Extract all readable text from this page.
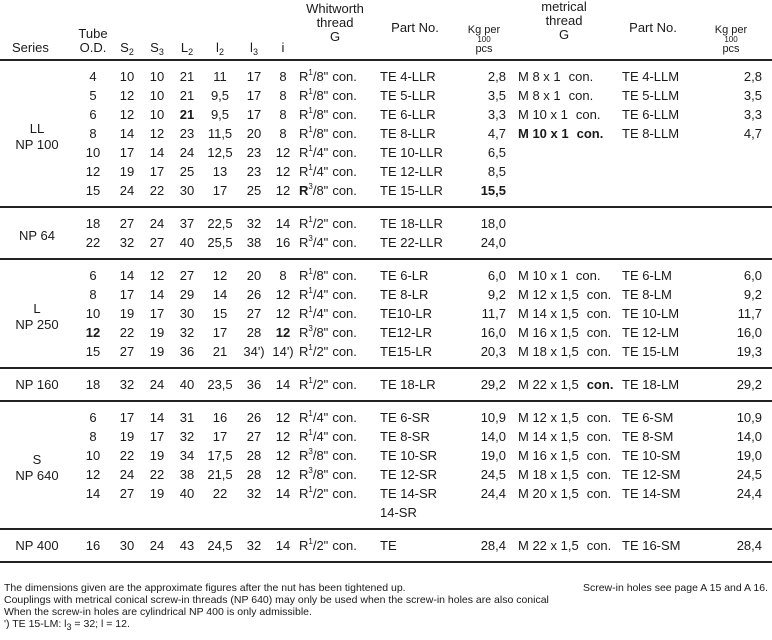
Series	Tube
O.D.	$S_2$	$S_3$	$L_2$	$l_2$	$l_3$	i	Whitworth
thread
G	Part No.	Kg per
100
pcs	metrical
thread
G	Part No.	Kg per
100
pcs

LL
NP 100	4	10	10	21	11	17	8	$R^1/8$" con.	TE 4-LLR	2,8	M 8 x 1 con.	TE 4-LLM	2,8
	5	12	10	21	9,5	17	8	$R^1/8$" con.	TE 5-LLR	3,5	M 8 x 1 con.	TE 5-LLM	3,5
	6	12	10	21	9,5	17	8	$R^1/8$" con.	TE 6-LLR	3,3	M 10 x 1 con.	TE 6-LLM	3,3
	8	14	12	23	11,5	20	8	$R^1/8$" con.	TE 8-LLR	4,7	M 10 x 1 con.	TE 8-LLM	4,7
	10	17	14	24	12,5	23	12	$R^1/4$" con.	TE 10-LLR	6,5			
	12	19	17	25	13	23	12	$R^1/4$" con.	TE 12-LLR	8,5			
	15	24	22	30	17	25	12	$R^3/8$" con.	TE 15-LLR	15,5			

NP 64	18	27	24	37	22,5	32	14	$R^1/2$" con.	TE 18-LLR	18,0			
	22	32	27	40	25,5	38	16	$R^3/4$" con.	TE 22-LLR	24,0			

L
NP 250	6	14	12	27	12	20	8	$R^1/8$" con.	TE 6-LR	6,0	M 10 x 1 con.	TE 6-LM	6,0
	8	17	14	29	14	26	12	$R^1/4$" con.	TE 8-LR	9,2	M 12 x 1,5 con.	TE 8-LM	9,2
	10	19	17	30	15	27	12	$R^1/4$" con.	TE10-LR	11,7	M 14 x 1,5 con.	TE 10-LM	11,7
	12	22	19	32	17	28	12	$R^3/8$" con.	TE12-LR	16,0	M 16 x 1,5 con.	TE 12-LM	16,0
	15	27	19	36	21	34')	14')	$R^1/2$" con.	TE15-LR	20,3	M 18 x 1,5 con.	TE 15-LM	19,3

NP 160	18	32	24	40	23,5	36	14	$R^1/2$" con.	TE 18-LR	29,2	M 22 x 1,5 con.	TE 18-LM	29,2

S
NP 640	6	17	14	31	16	26	12	$R^1/4$" con.	TE 6-SR	10,9	M 12 x 1,5 con.	TE 6-SM	10,9
	8	19	17	32	17	27	12	$R^1/4$" con.	TE 8-SR	14,0	M 14 x 1,5 con.	TE 8-SM	14,0
	10	22	19	34	17,5	28	12	$R^3/8$" con.	TE 10-SR	19,0	M 16 x 1,5 con.	TE 10-SM	19,0
	12	24	22	38	21,5	28	12	$R^3/8$" con.	TE 12-SR	24,5	M 18 x 1,5 con.	TE 12-SM	24,5
	14	27	19	40	22	32	14	$R^1/2$" con.	TE 14-SR	24,4	M 20 x 1,5 con.	TE 14-SM	24,4
									14-SR				

NP 400	16	30	24	43	24,5	32	14	$R^1/2$" con.	TE	28,4	M 22 x 1,5 con.	TE 16-SM	28,4
The dimensions given are the approximate figures after the nut has been tightened up.	Screw-in holes see page A 15 and A 16.
Couplings with metrical conical screw-in threads (NP 640) may only be used when the screw-in holes are also conical
When the screw-in holes are cylindrical NP 400 is only admissible.
') TE 15-LM: l3 = 32; l = 12.
